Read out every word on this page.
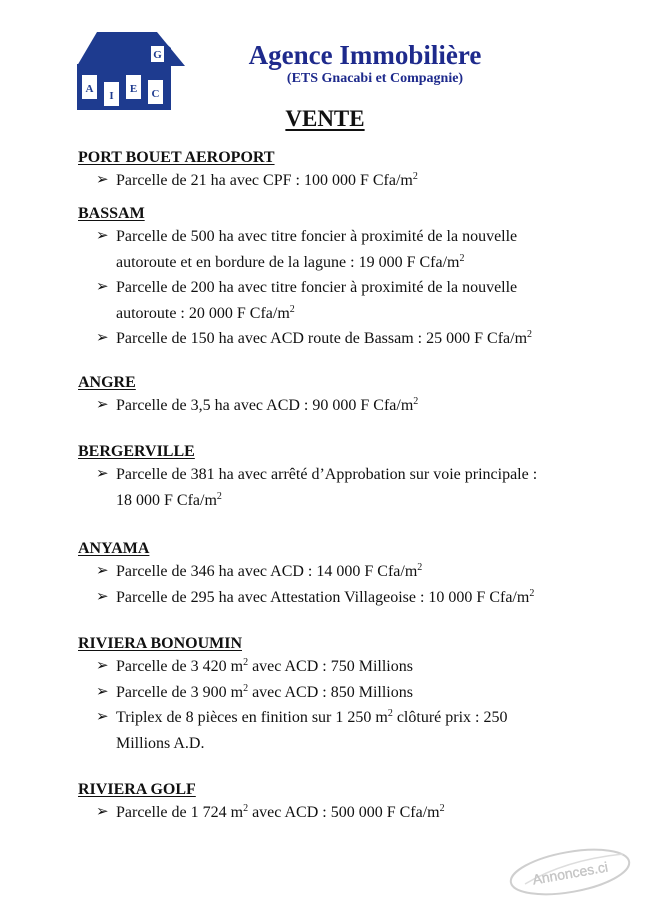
A
I
E C
G	Agence Immobilière
(ETS Gnacabi et Compagnie)
VENTE
PORT BOUET AEROPORT
➢ Parcelle de 21 ha avec CPF : 100 000 F Cfa/$m^2$
BASSAM
➢ Parcelle de 500 ha avec titre foncier à proximité de la nouvelle
autoroute et en bordure de la lagune : 19 000 F Cfa/$m^2$
➢ Parcelle de 200 ha avec titre foncier à proximité de la nouvelle
autoroute : 20 000 F Cfa/$m^2$
➢ Parcelle de 150 ha avec ACD route de Bassam : 25 000 F Cfa/$m^2$
ANGRE
➢ Parcelle de 3,5 ha avec ACD : 90 000 F Cfa/$m^2$
BERGERVILLE
➢ Parcelle de 381 ha avec arrêté d’Approbation sur voie principale :
18 000 F Cfa/$m^2$
ANYAMA
➢ Parcelle de 346 ha avec ACD : 14 000 F Cfa/$m^2$
➢ Parcelle de 295 ha avec Attestation Villageoise : 10 000 F Cfa/$m^2$
RIVIERA BONOUMIN
➢ Parcelle de 3 420 $m^2$ avec ACD : 750 Millions
➢ Parcelle de 3 900 $m^2$ avec ACD : 850 Millions
➢ Triplex de 8 pièces en finition sur 1 250 $m^2$ clôturé prix : 250
Millions A.D.
RIVIERA GOLF
➢ Parcelle de 1 724 $m^2$ avec ACD : 500 000 F Cfa/$m^2$
Annonces.ci
